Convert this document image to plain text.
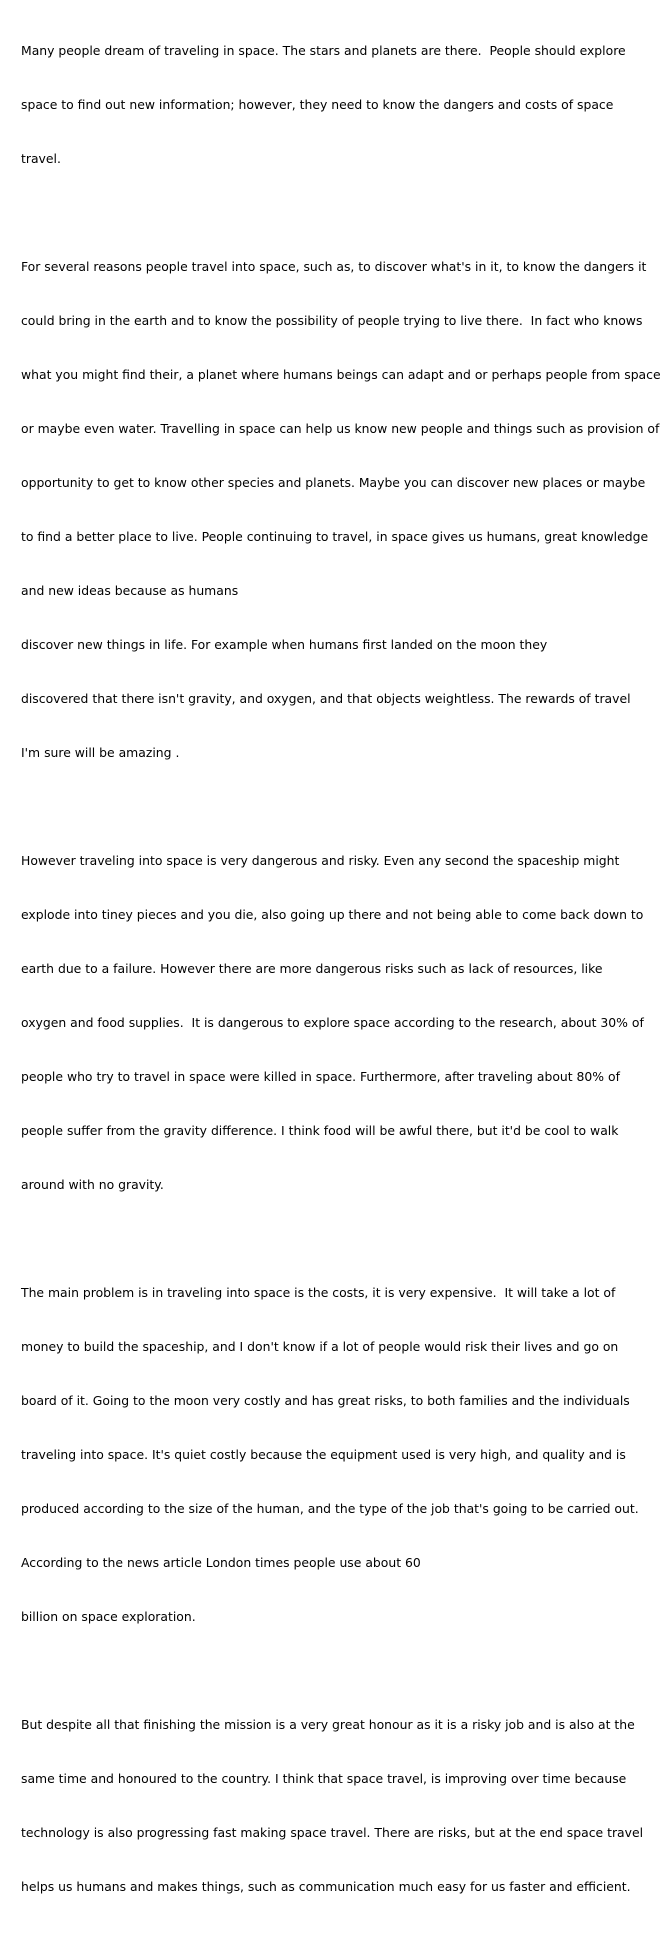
Many people dream of traveling in space. The stars and planets are there.  People should explore

space to find out new information; however, they need to know the dangers and costs of space

travel.

For several reasons people travel into space, such as, to discover what's in it, to know the dangers it

could bring in the earth and to know the possibility of people trying to live there.  In fact who knows

what you might find their, a planet where humans beings can adapt and or perhaps people from space

or maybe even water. Travelling in space can help us know new people and things such as provision of

opportunity to get to know other species and planets. Maybe you can discover new places or maybe

to find a better place to live. People continuing to travel, in space gives us humans, great knowledge

and new ideas because as humans

discover new things in life. For example when humans first landed on the moon they

discovered that there isn't gravity, and oxygen, and that objects weightless. The rewards of travel

I'm sure will be amazing .

However traveling into space is very dangerous and risky. Even any second the spaceship might

explode into tiney pieces and you die, also going up there and not being able to come back down to

earth due to a failure. However there are more dangerous risks such as lack of resources, like

oxygen and food supplies.  It is dangerous to explore space according to the research, about 30% of

people who try to travel in space were killed in space. Furthermore, after traveling about 80% of

people suffer from the gravity difference. I think food will be awful there, but it'd be cool to walk

around with no gravity.

The main problem is in traveling into space is the costs, it is very expensive.  It will take a lot of

money to build the spaceship, and I don't know if a lot of people would risk their lives and go on

board of it. Going to the moon very costly and has great risks, to both families and the individuals

traveling into space. It's quiet costly because the equipment used is very high, and quality and is

produced according to the size of the human, and the type of the job that's going to be carried out.

According to the news article London times people use about 60

billion on space exploration.

But despite all that finishing the mission is a very great honour as it is a risky job and is also at the

same time and honoured to the country. I think that space travel, is improving over time because

technology is also progressing fast making space travel. There are risks, but at the end space travel

helps us humans and makes things, such as communication much easy for us faster and efficient.
